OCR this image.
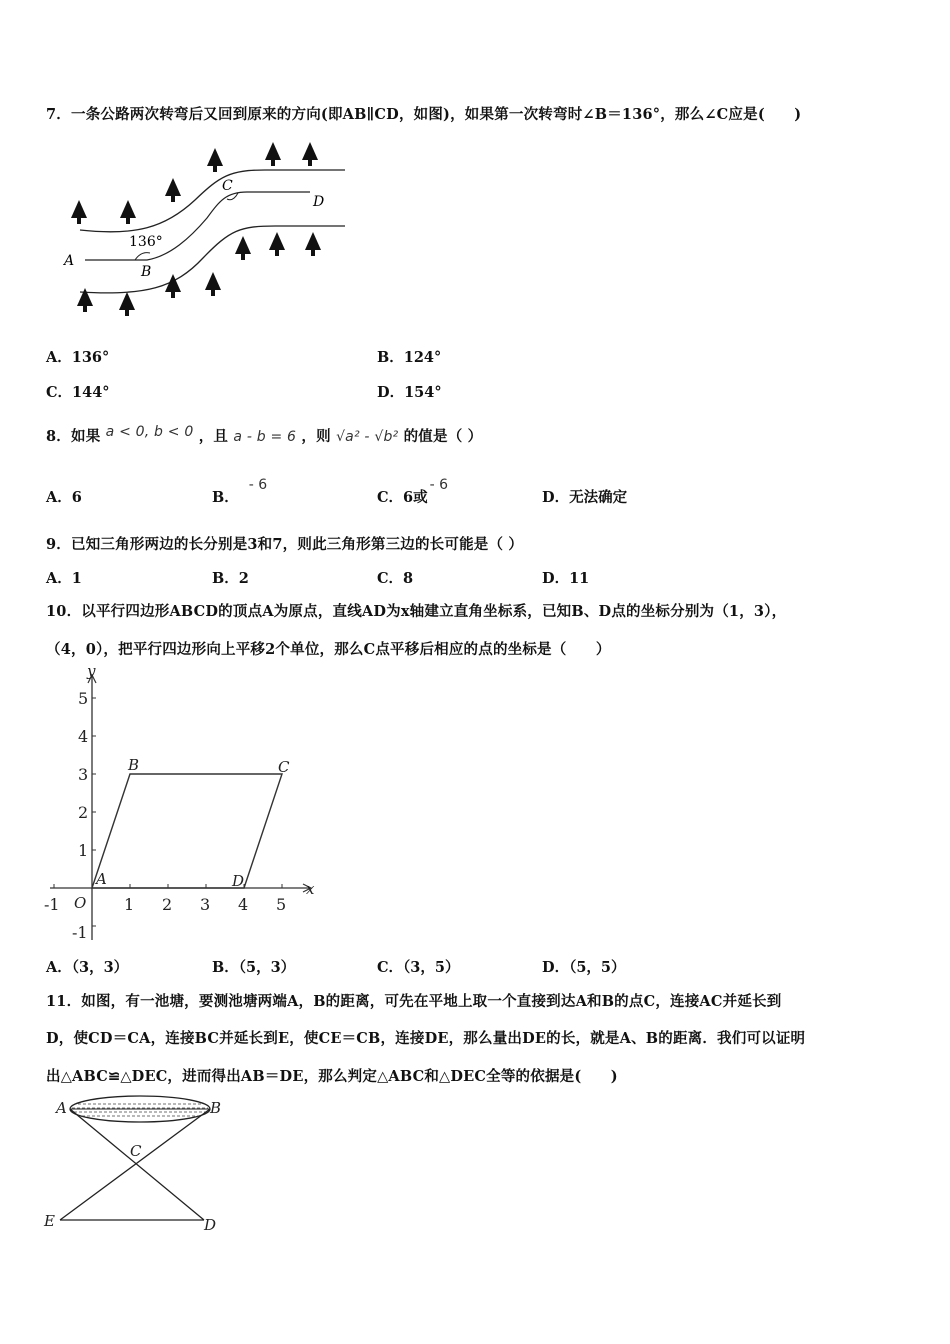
7．一条公路两次转弯后又回到原来的方向(即AB∥CD，如图)，如果第一次转弯时∠B＝136°，那么∠C应是(　　)
A
B
C
D
136°
A．136°	B．124°
C．144°	D．154°
8．如果 a < 0, b < 0 ，且 a - b = 6 ，则 √a² - √b² 的值是（ ）
A．6	B．- 6
C．6或- 6
D．无法确定
9．已知三角形两边的长分别是3和7，则此三角形第三边的长可能是（ ）
A．1	B．2	C．8	D．11
10．以平行四边形ABCD的顶点A为原点，直线AD为x轴建立直角坐标系，已知B、D点的坐标分别为（1，3），
（4，0），把平行四边形向上平移2个单位，那么C点平移后相应的点的坐标是（　　）
-1	1 2 3 4 5
5
4
3
2
1
-1
x
y
O
A
B	C
D
A．（3，3）	B．（5，3）	C．（3，5）	D．（5，5）
11．如图，有一池塘，要测池塘两端A，B的距离，可先在平地上取一个直接到达A和B的点C，连接AC并延长到
D，使CD＝CA，连接BC并延长到E，使CE＝CB，连接DE，那么量出DE的长，就是A、B的距离．我们可以证明
出△ABC≌△DEC，进而得出AB＝DE，那么判定△ABC和△DEC全等的依据是(　　)
A	B
C
D
E
